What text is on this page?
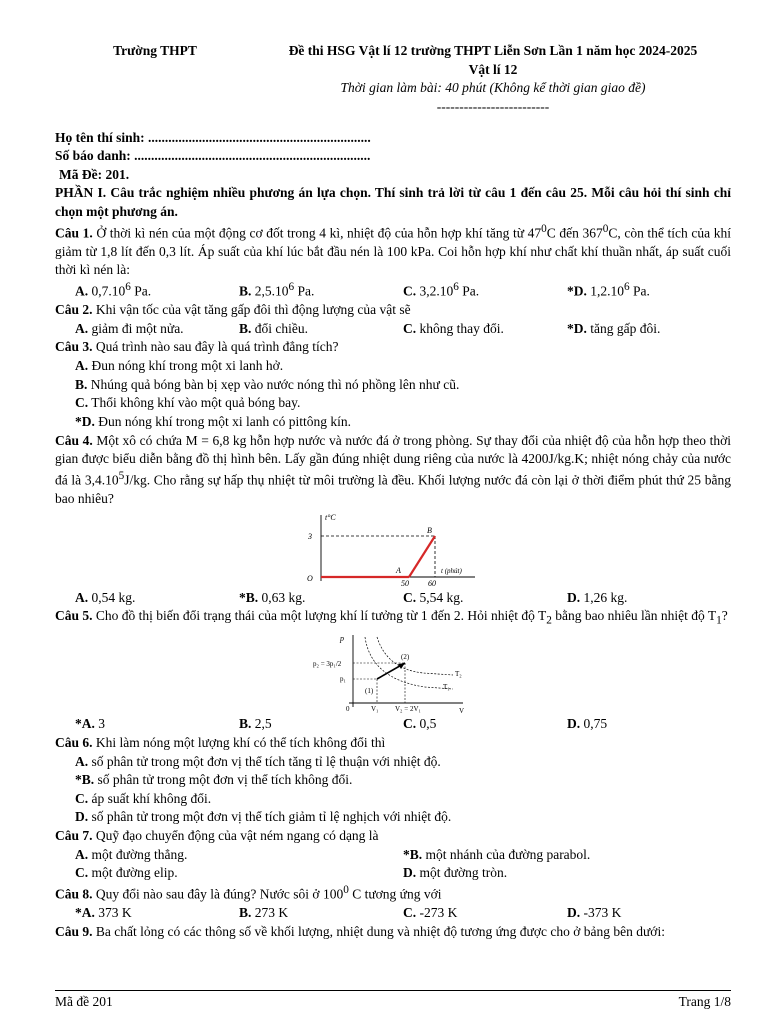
Trường THPT	Đề thi HSG Vật lí 12 trường THPT Liễn Sơn Lần 1 năm học 2024-2025
Vật lí 12
Thời gian làm bài: 40 phút (Không kể thời gian giao đề)
-------------------------

Họ tên thí sinh: ..................................................................

Số báo danh: ......................................................................

Mã Đề: 201.

PHẦN I. Câu trắc nghiệm nhiều phương án lựa chọn. Thí sinh trả lời từ câu 1 đến câu 25. Mỗi câu hỏi thí sinh chỉ chọn một phương án.

Câu 1. Ở thời kì nén của một động cơ đốt trong 4 kì, nhiệt độ của hỗn hợp khí tăng từ $47^0C$ đến $367^0C$, còn thể tích của khí giảm từ 1,8 lít đến 0,3 lít. Áp suất của khí lúc bắt đầu nén là 100 kPa. Coi hỗn hợp khí như chất khí thuần nhất, áp suất cuối thời kì nén là:

A. 0,7.10$^6$ Pa.	B. 2,5.10$^6$ Pa.	C. 3,2.10$^6$ Pa.	*D. 1,2.10$^6$ Pa.

Câu 2. Khi vận tốc của vật tăng gấp đôi thì động lượng của vật sẽ

A. giảm đi một nửa.	B. đổi chiều.	C. không thay đổi.	*D. tăng gấp đôi.

Câu 3. Quá trình nào sau đây là quá trình đẳng tích?

A. Đun nóng khí trong một xi lanh hở.
B. Nhúng quả bóng bàn bị xẹp vào nước nóng thì nó phồng lên như cũ.
C. Thổi không khí vào một quả bóng bay.
*D. Đun nóng khí trong một xi lanh có pittông kín.

Câu 4. Một xô có chứa M = 6,8 kg hỗn hợp nước và nước đá ở trong phòng. Sự thay đổi của nhiệt độ của hỗn hợp theo thời gian được biểu diễn bằng đồ thị hình bên. Lấy gần đúng nhiệt dung riêng của nước là 4200J/kg.K; nhiệt nóng chảy của nước đá là 3,4.10$^5$J/kg. Cho rằng sự hấp thụ nhiệt từ môi trường là đều. Khối lượng nước đá còn lại ở thời điểm phút thứ 25 bằng bao nhiêu?

t°C
3
O
B
A	t (phút)
50 60
A. 0,54 kg.	*B. 0,63 kg.	C. 5,54 kg.	D. 1,26 kg.

Câu 5. Cho đồ thị biến đổi trạng thái của một lượng khí lí tưởng từ 1 đến 2. Hỏi nhiệt độ $T_2$ bằng bao nhiêu lần nhiệt độ $T_1$?

p
p₂ = 3p₁/2
p₁
0	V₁ V₂ = 2V₁	V
(1)
(2)
T₂
T₁
*A. 3	B. 2,5	C. 0,5	D. 0,75

Câu 6. Khi làm nóng một lượng khí có thể tích không đổi thì

A. số phân tử trong một đơn vị thể tích tăng tỉ lệ thuận với nhiệt độ.
*B. số phân tử trong một đơn vị thể tích không đổi.
C. áp suất khí không đổi.
D. số phân tử trong một đơn vị thể tích giảm tỉ lệ nghịch với nhiệt độ.

Câu 7. Quỹ đạo chuyển động của vật ném ngang có dạng là

A. một đường thẳng.	*B. một nhánh của đường parabol.
C. một đường elip.	D. một đường tròn.

Câu 8. Quy đổi nào sau đây là đúng? Nước sôi ở $100^0$ C tương ứng với

*A. 373 K	B. 273 K	C. -273 K	D. -373 K

Câu 9. Ba chất lỏng có các thông số về khối lượng, nhiệt dung và nhiệt độ tương ứng được cho ở bảng bên dưới:

Mã đề 201	Trang 1/8
